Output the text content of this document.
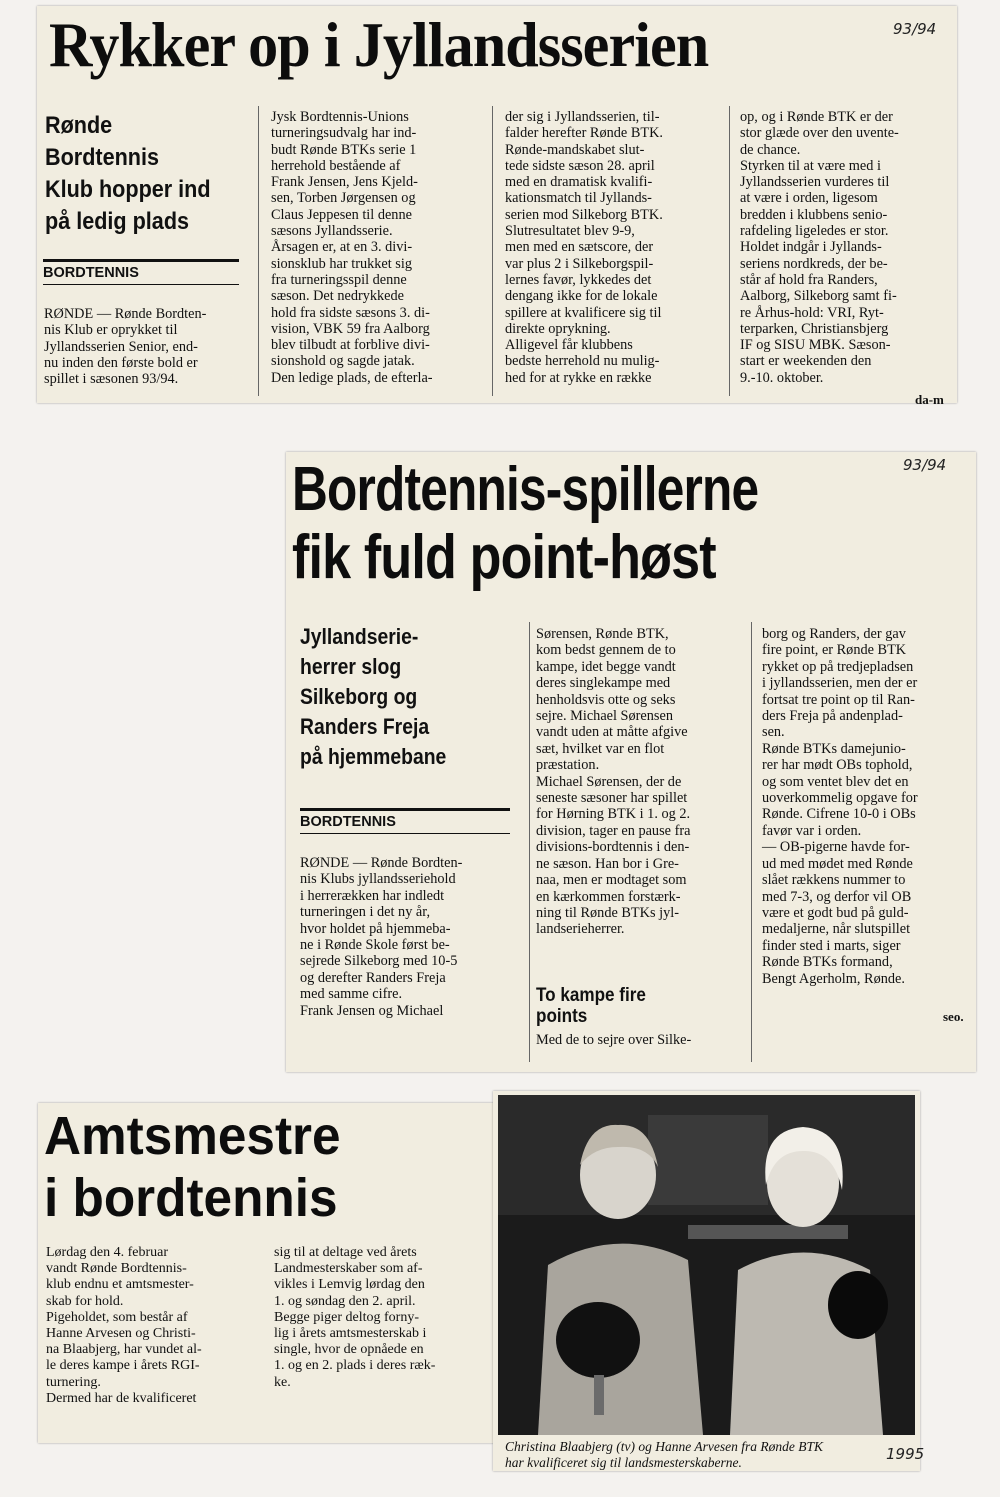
Rykker op i Jyllandsserien	93/94
Rønde
Bordtennis
Klub hopper ind
på ledig plads
BORDTENNIS

RØNDE — Rønde Bordten-
nis Klub er oprykket til
Jyllandsserien Senior, end-
nu inden den første bold er
spillet i sæsonen 93/94.

Jysk Bordtennis-Unions
turneringsudvalg har ind-
budt Rønde BTKs serie 1
herrehold bestående af
Frank Jensen, Jens Kjeld-
sen, Torben Jørgensen og
Claus Jeppesen til denne
sæsons Jyllandsserie.
Årsagen er, at en 3. divi-
sionsklub har trukket sig
fra turneringsspil denne
sæson. Det nedrykkede
hold fra sidste sæsons 3. di-
vision, VBK 59 fra Aalborg
blev tilbudt at forblive divi-
sionshold og sagde jatak.
Den ledige plads, de efterla-

der sig i Jyllandsserien, til-
falder herefter Rønde BTK.
Rønde-mandskabet slut-
tede sidste sæson 28. april
med en dramatisk kvalifi-
kationsmatch til Jyllands-
serien mod Silkeborg BTK.
Slutresultatet blev 9-9,
men med en sætscore, der
var plus 2 i Silkeborgspil-
lernes favør, lykkedes det
dengang ikke for de lokale
spillere at kvalificere sig til
direkte oprykning.
Alligevel får klubbens
bedste herrehold nu mulig-
hed for at rykke en række

op, og i Rønde BTK er der
stor glæde over den uvente-
de chance.
Styrken til at være med i
Jyllandsserien vurderes til
at være i orden, ligesom
bredden i klubbens senio-
rafdeling ligeledes er stor.
Holdet indgår i Jyllands-
seriens nordkreds, der be-
står af hold fra Randers,
Aalborg, Silkeborg samt fi-
re Århus-hold: VRI, Ryt-
terparken, Christiansbjerg
IF og SISU MBK. Sæson-
start er weekenden den
9.-10. oktober.

da-m
Bordtennis-spillerne
fik fuld point-høst
93/94
Jyllandserie-
herrer slog
Silkeborg og
Randers Freja
på hjemmebane
BORDTENNIS

RØNDE — Rønde Bordten-
nis Klubs jyllandsseriehold
i herrerækken har indledt
turneringen i det ny år,
hvor holdet på hjemmeba-
ne i Rønde Skole først be-
sejrede Silkeborg med 10-5
og derefter Randers Freja
med samme cifre.
Frank Jensen og Michael

Sørensen, Rønde BTK,
kom bedst gennem de to
kampe, idet begge vandt
deres singlekampe med
henholdsvis otte og seks
sejre. Michael Sørensen
vandt uden at måtte afgive
sæt, hvilket var en flot
præstation.
Michael Sørensen, der de
seneste sæsoner har spillet
for Hørning BTK i 1. og 2.
division, tager en pause fra
divisions-bordtennis i den-
ne sæson. Han bor i Gre-
naa, men er modtaget som
en kærkommen forstærk-
ning til Rønde BTKs jyl-
landserieherrer.

To kampe fire
points

Med de to sejre over Silke-

borg og Randers, der gav
fire point, er Rønde BTK
rykket op på tredjepladsen
i jyllandsserien, men der er
fortsat tre point op til Ran-
ders Freja på andenplad-
sen.
Rønde BTKs damejunio-
rer har mødt OBs tophold,
og som ventet blev det en
uoverkommelig opgave for
Rønde. Cifrene 10-0 i OBs
favør var i orden.
— OB-pigerne havde for-
ud med mødet med Rønde
slået rækkens nummer to
med 7-3, og derfor vil OB
være et godt bud på guld-
medaljerne, når slutspillet
finder sted i marts, siger
Rønde BTKs formand,
Bengt Agerholm, Rønde.

seo.
Amtsmestre
i bordtennis

Lørdag den 4. februar
vandt Rønde Bordtennis-
klub endnu et amtsmester-
skab for hold.
Pigeholdet, som består af
Hanne Arvesen og Christi-
na Blaabjerg, har vundet al-
le deres kampe i årets RGI-
turnering.
Dermed har de kvalificeret

sig til at deltage ved årets
Landmesterskaber som af-
vikles i Lemvig lørdag den
1. og søndag den 2. april.
Begge piger deltog forny-
lig i årets amtsmesterskab i
single, hvor de opnåede en
1. og en 2. plads i deres ræk-
ke.

Christina Blaabjerg (tv) og Hanne Arvesen fra Rønde BTK
har kvalificeret sig til landsmesterskaberne.	1995
